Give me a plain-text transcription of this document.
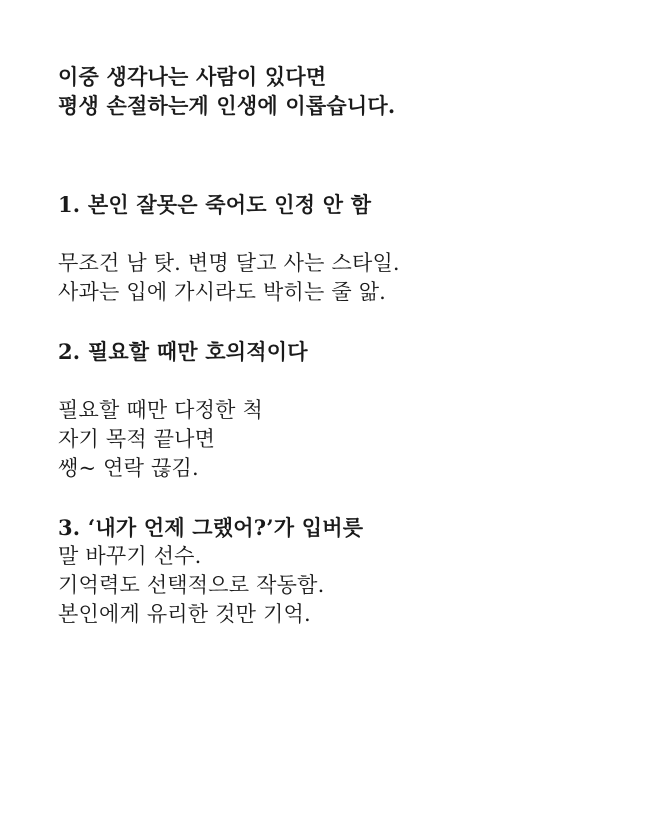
이중 생각나는 사람이 있다면
평생 손절하는게 인생에 이롭습니다.
1. 본인 잘못은 죽어도 인정 안 함
무조건 남 탓. 변명 달고 사는 스타일.
사과는 입에 가시라도 박히는 줄 앎.
2. 필요할 때만 호의적이다
필요할 때만 다정한 척
자기 목적 끝나면
쌩~ 연락 끊김.
3. ‘내가 언제 그랬어?’가 입버릇
말 바꾸기 선수.
기억력도 선택적으로 작동함.
본인에게 유리한 것만 기억.
